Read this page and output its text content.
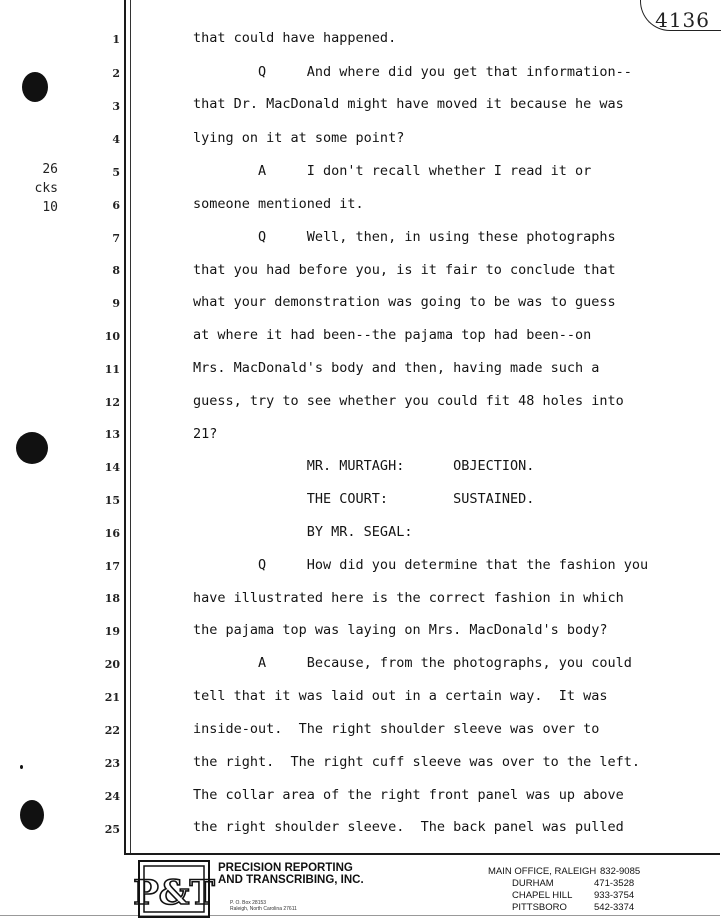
4136
26
cks
10
1	that could have happened.
2	Q     And where did you get that information--
3	that Dr. MacDonald might have moved it because he was
4	lying on it at some point?
5	A     I don't recall whether I read it or
6	someone mentioned it.
7	Q     Well, then, in using these photographs
8	that you had before you, is it fair to conclude that
9	what your demonstration was going to be was to guess
10	at where it had been--the pajama top had been--on
11	Mrs. MacDonald's body and then, having made such a
12	guess, try to see whether you could fit 48 holes into
13	21?
14	MR. MURTAGH:      OBJECTION.
15	THE COURT:        SUSTAINED.
16	BY MR. SEGAL:
17	Q     How did you determine that the fashion you
18	have illustrated here is the correct fashion in which
19	the pajama top was laying on Mrs. MacDonald's body?
20	A     Because, from the photographs, you could
21	tell that it was laid out in a certain way.  It was
22	inside-out.  The right shoulder sleeve was over to
23	the right.  The right cuff sleeve was over to the left.
24	The collar area of the right front panel was up above
25	the right shoulder sleeve.  The back panel was pulled
P&T
PRECISION REPORTING
AND TRANSCRIBING, INC.
P. O. Box 28153
Raleigh, North Carolina 27611
MAIN OFFICE, RALEIGH 832-9085
DURHAM	471-3528
CHAPEL HILL 933-3754
PITTSBORO	542-3374
